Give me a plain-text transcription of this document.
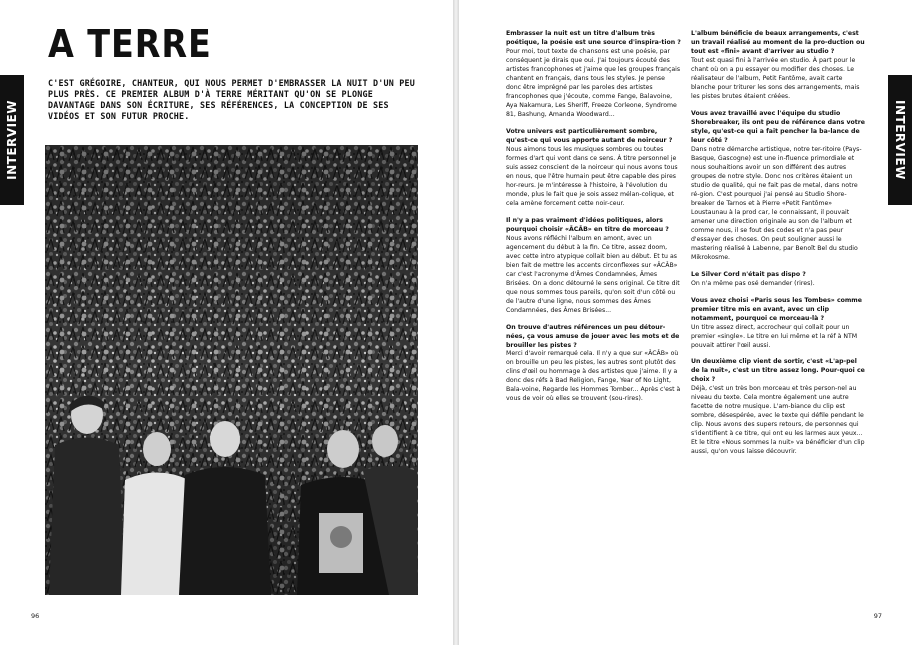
INTERVIEW
A TERRE

C'EST GRÉGOIRE, CHANTEUR, QUI NOUS PERMET D'EMBRASSER LA NUIT D'UN PEU PLUS PRÈS. CE PREMIER ALBUM D'À TERRE MÉRITANT QU'ON SE PLONGE DAVANTAGE DANS SON ÉCRITURE, SES RÉFÉRENCES, LA CONCEPTION DE SES VIDÉOS ET SON FUTUR PROCHE.

96

Embrasser la nuit est un titre d'album très poétique, la poésie est une source d'inspira-tion ?

Pour moi, tout texte de chansons est une poésie, par conséquent je dirais que oui. J'ai toujours écouté des artistes francophones et j'aime que les groupes français chantent en français, dans tous les styles. Je pense donc être imprégné par les paroles des artistes francophones que j'écoute, comme Fange, Balavoine, Aya Nakamura, Les Sheriff, Freeze Corleone, Syndrome 81, Bashung, Amanda Woodward...

Votre univers est particulièrement sombre, qu'est-ce qui vous apporte autant de noirceur ?

Nous aimons tous les musiques sombres ou toutes formes d'art qui vont dans ce sens. À titre personnel je suis assez conscient de la noirceur qui nous avons tous en nous, que l'être humain peut être capable des pires hor-reurs. Je m'intéresse à l'histoire, à l'évolution du monde, plus le fait que je sois assez mélan-colique, et cela amène forcement cette noir-ceur.

Il n'y a pas vraiment d'idées politiques, alors pourquoi choisir «ÂCÂB» en titre de morceau ?

Nous avons réfléchi l'album en amont, avec un agencement du début à la fin. Ce titre, assez doom, avec cette intro atypique collait bien au début. Et tu as bien fait de mettre les accents circonflexes sur «ÂCÂB» car c'est l'acronyme d'Âmes Condamnées, Âmes Brisées. On a donc détourné le sens original. Ce titre dit que nous sommes tous pareils, qu'on soit d'un côté ou de l'autre d'une ligne, nous sommes des Âmes Condamnées, des Âmes Brisées...

On trouve d'autres références un peu détour-nées, ça vous amuse de jouer avec les mots et de brouiller les pistes ?

Merci d'avoir remarqué cela. Il n'y a que sur «ÂCÂB» où on brouille un peu les pistes, les autres sont plutôt des clins d'œil ou hommage à des artistes que j'aime. Il y a donc des réfs à Bad Religion, Fange, Year of No Light, Bala-voine, Regarde les Hommes Tomber... Après c'est à vous de voir où elles se trouvent (sou-rires).

L'album bénéficie de beaux arrangements, c'est un travail réalisé au moment de la pro-duction ou tout est «fini» avant d'arriver au studio ?

Tout est quasi fini à l'arrivée en studio. À part pour le chant où on a pu essayer ou modifier des choses. Le réalisateur de l'album, Petit Fantôme, avait carte blanche pour triturer les sons des arrangements, mais les pistes brutes étaient créées.

Vous avez travaillé avec l'équipe du studio Shorebreaker, ils ont peu de référence dans votre style, qu'est-ce qui a fait pencher la ba-lance de leur côté ?

Dans notre démarche artistique, notre ter-ritoire (Pays-Basque, Gascogne) est une in-fluence primordiale et nous souhaitions avoir un son différent des autres groupes de notre style. Donc nos critères étaient un studio de qualité, qui ne fait pas de metal, dans notre ré-gion. C'est pourquoi j'ai pensé au Studio Shore-breaker de Tarnos et à Pierre «Petit Fantôme» Loustaunau à la prod car, le connaissant, il pouvait amener une direction originale au son de l'album et comme nous, il se fout des codes et n'a pas peur d'essayer des choses. On peut souligner aussi le mastering réalisé à Labenne, par Benoît Bel du studio Mikrokosme.

Le Silver Cord n'était pas dispo ?

On n'a même pas osé demander (rires).

Vous avez choisi «Paris sous les Tombes» comme premier titre mis en avant, avec un clip notamment, pourquoi ce morceau-là ?

Un titre assez direct, accrocheur qui collait pour un premier «single». Le titre en lui même et la réf à NTM pouvait attirer l'œil aussi.

Un deuxième clip vient de sortir, c'est «L'ap-pel de la nuit», c'est un titre assez long. Pour-quoi ce choix ?

Déjà, c'est un très bon morceau et très person-nel au niveau du texte. Cela montre également une autre facette de notre musique. L'am-biance du clip est sombre, désespérée, avec le texte qui défile pendant le clip. Nous avons des supers retours, de personnes qui s'identifient à ce titre, qui ont eu les larmes aux yeux... Et le titre «Nous sommes la nuit» va bénéficier d'un clip aussi, qu'on vous laisse découvrir.

INTERVIEW
97
